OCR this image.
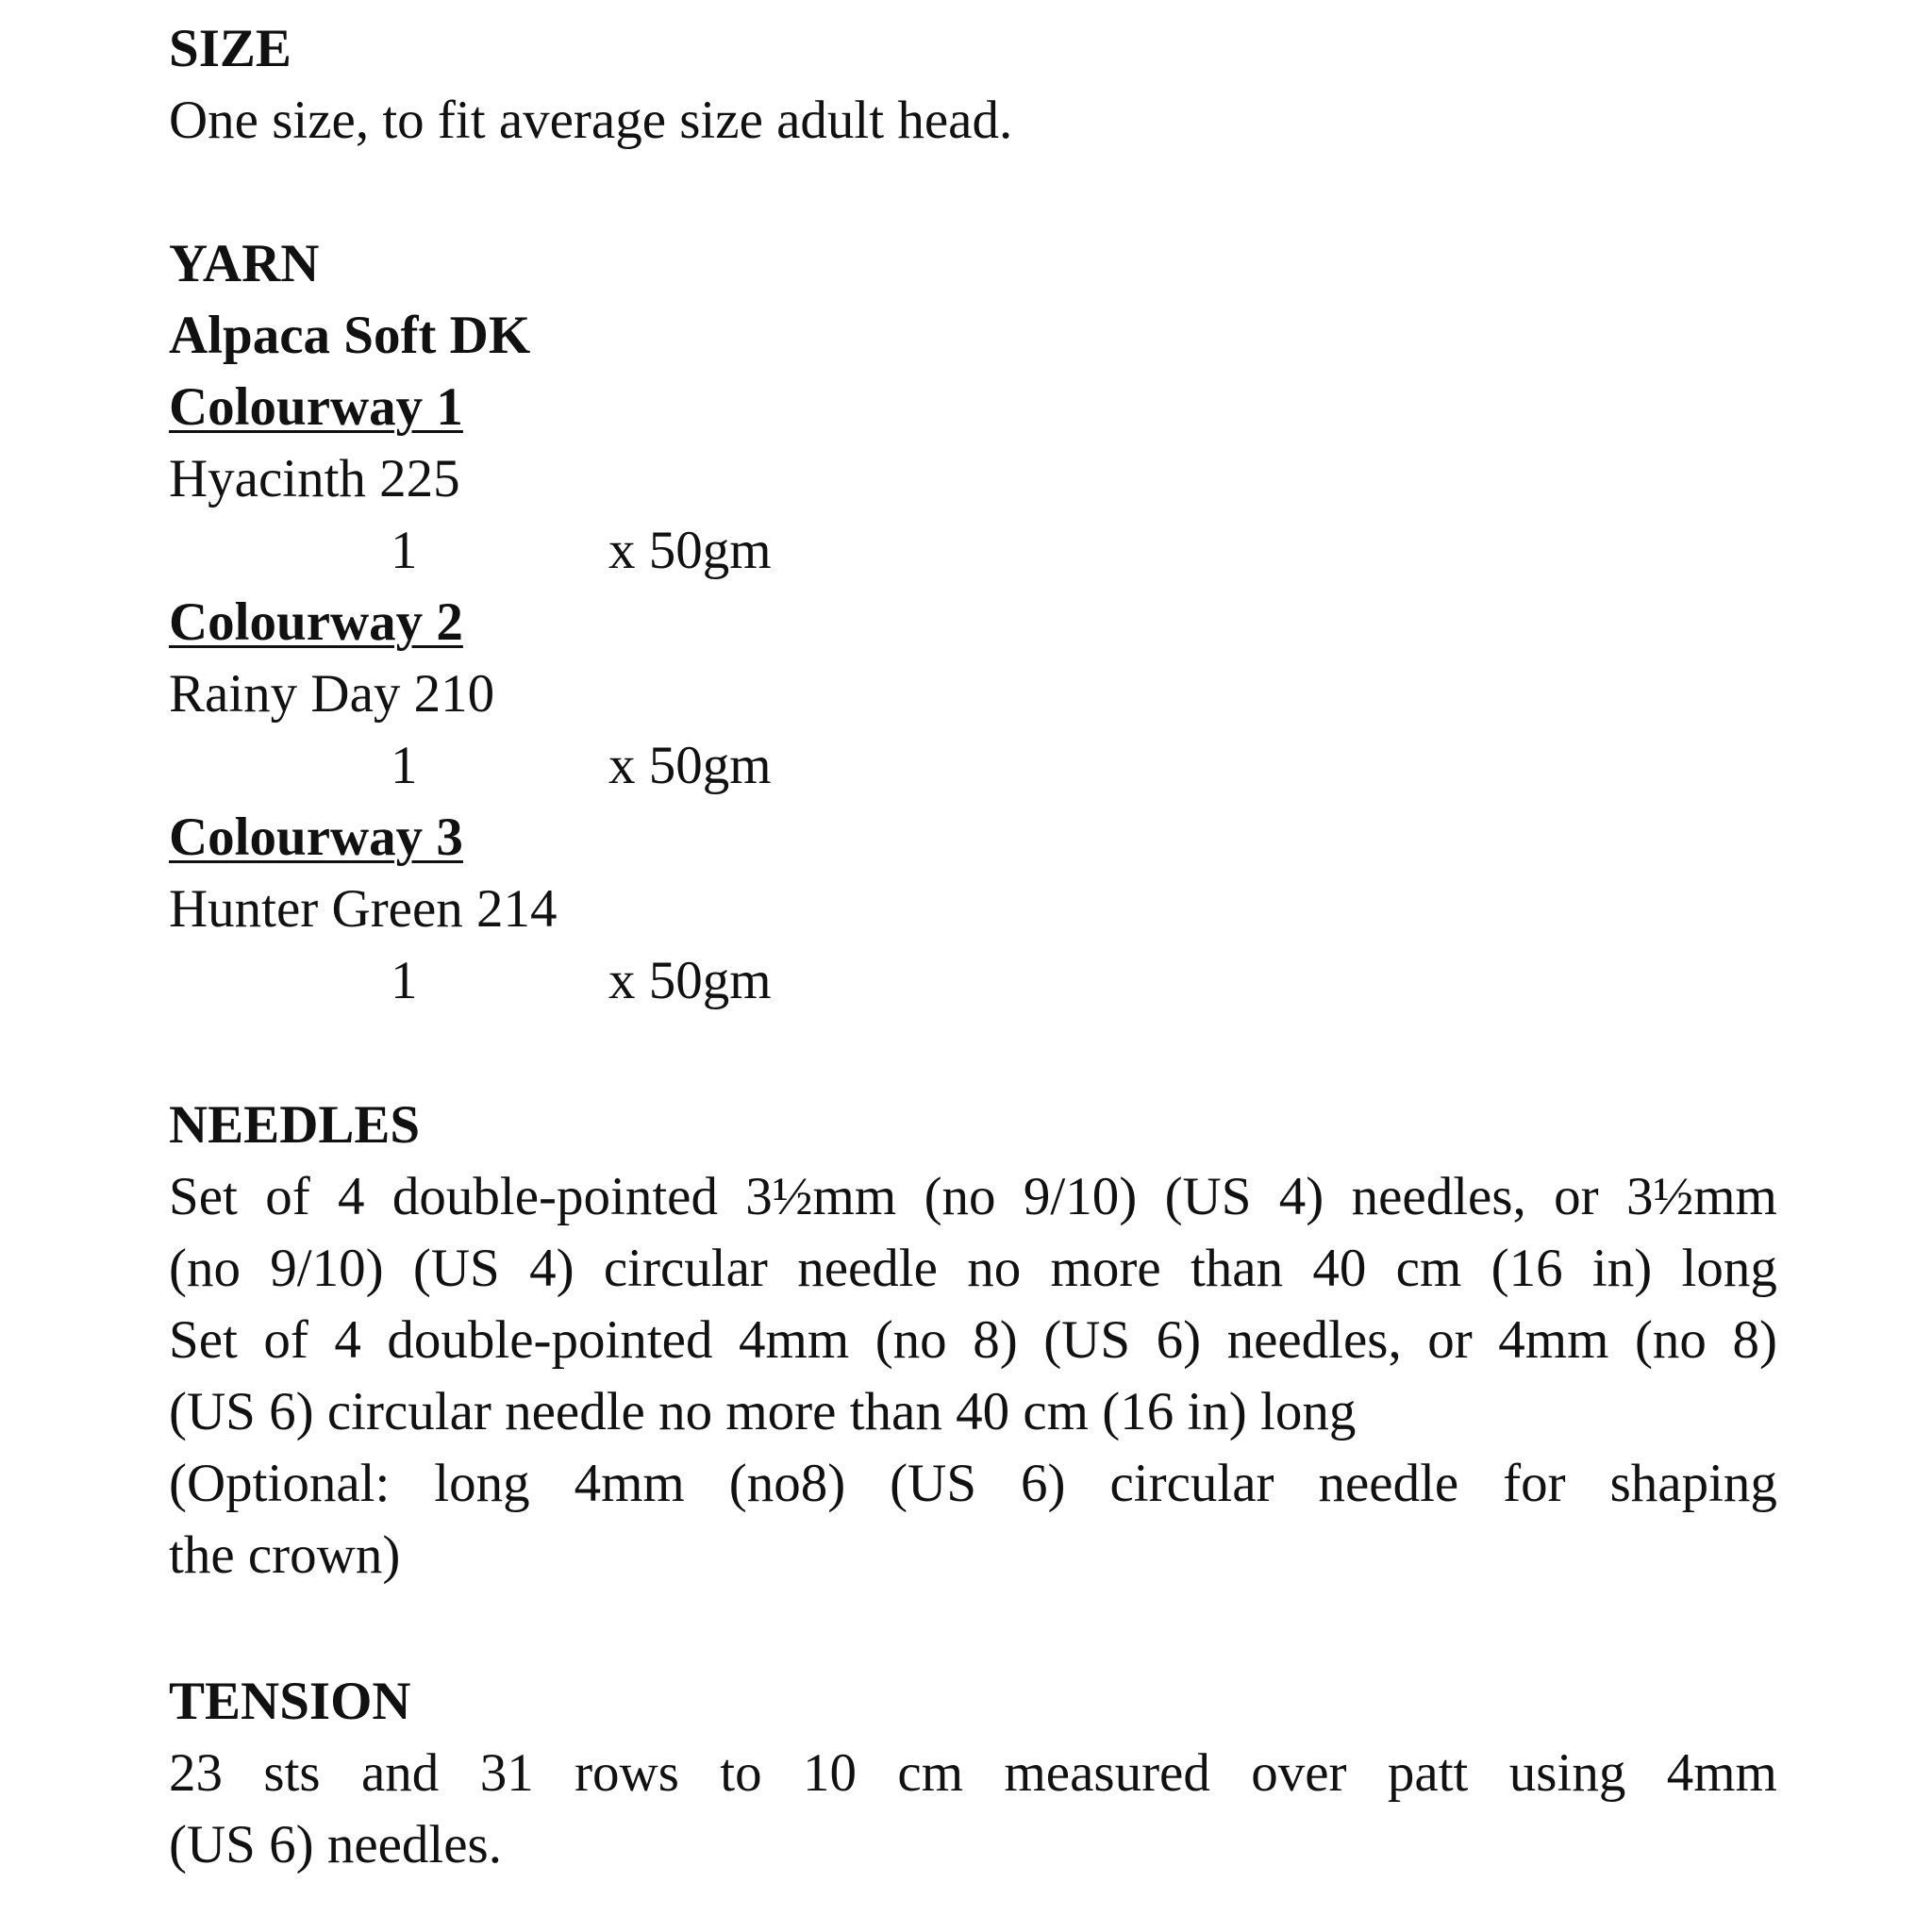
SIZE
One size, to fit average size adult head.
YARN
Alpaca Soft DK
Colourway 1
Hyacinth 225
1	x 50gm
Colourway 2
Rainy Day 210
1	x 50gm
Colourway 3
Hunter Green 214
1	x 50gm
NEEDLES
Set of 4 double-pointed 3½mm (no 9/10) (US 4) needles, or 3½mm
(no 9/10) (US 4) circular needle no more than 40 cm (16 in) long
Set of 4 double-pointed 4mm (no 8) (US 6) needles, or 4mm (no 8)
(US 6) circular needle no more than 40 cm (16 in) long
(Optional: long 4mm (no8) (US 6) circular needle for shaping
the crown)
TENSION
23 sts and 31 rows to 10 cm measured over patt using 4mm
(US 6) needles.
